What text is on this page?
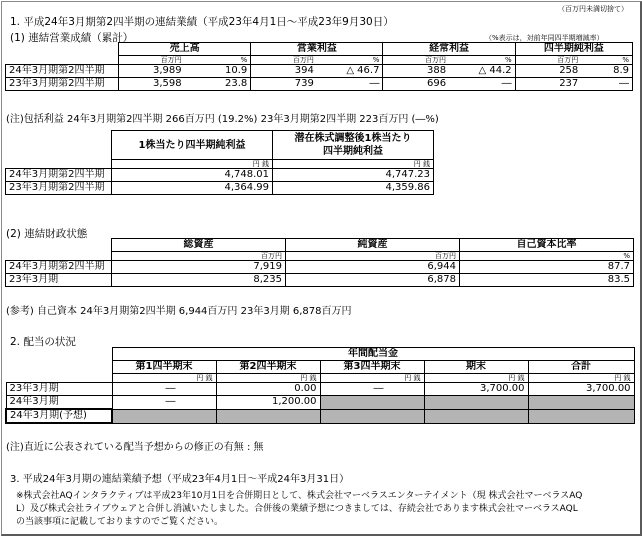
（百万円未満切捨て）
1. 平成24年3月期第2四半期の連結業績（平成23年4月1日～平成23年9月30日）
(1) 連結営業成績（累計）	（%表示は，対前年同四半期増減率）
	売上高		営業利益		経常利益		四半期純利益	
	百万円	%	百万円	%	百万円	%	百万円	%
24年3月期第2四半期	3,989	10.9	394	△ 46.7	388	△ 44.2	258	8.9
23年3月期第2四半期	3,598	23.8	739	―	696	―	237	―
(注)包括利益 24年3月期第2四半期 266百万円 (19.2%) 23年3月期第2四半期 223百万円 (―%)
	1株当たり四半期純利益	潜在株式調整後1株当たり
四半期純利益
	円 銭	円 銭
24年3月期第2四半期	4,748.01	4,747.23
23年3月期第2四半期	4,364.99	4,359.86
(2) 連結財政状態
	総資産	純資産	自己資本比率
	百万円	百万円	%
24年3月期第2四半期	7,919	6,944	87.7
23年3月期	8,235	6,878	83.5
(参考) 自己資本 24年3月期第2四半期 6,944百万円 23年3月期 6,878百万円
2. 配当の状況
	年間配当金				
	第1四半期末	第2四半期末	第3四半期末	期末	合計
	円 銭	円 銭	円 銭	円 銭	円 銭
23年3月期	―	0.00	―	3,700.00	3,700.00
24年3月期	―	1,200.00			
24年3月期(予想)					
(注)直近に公表されている配当予想からの修正の有無 : 無
3. 平成24年3月期の連結業績予想（平成23年4月1日～平成24年3月31日）
※株式会社AQインタラクティブは平成23年10月1日を合併期日として、株式会社マーベラスエンターテイメント（現 株式会社マーベラスAQ
L）及び株式会社ライブウェアと合併し消滅いたしました。合併後の業績予想につきましては、存続会社であります株式会社マーベラスAQL
の当該事項に記載しておりますのでご覧ください。
